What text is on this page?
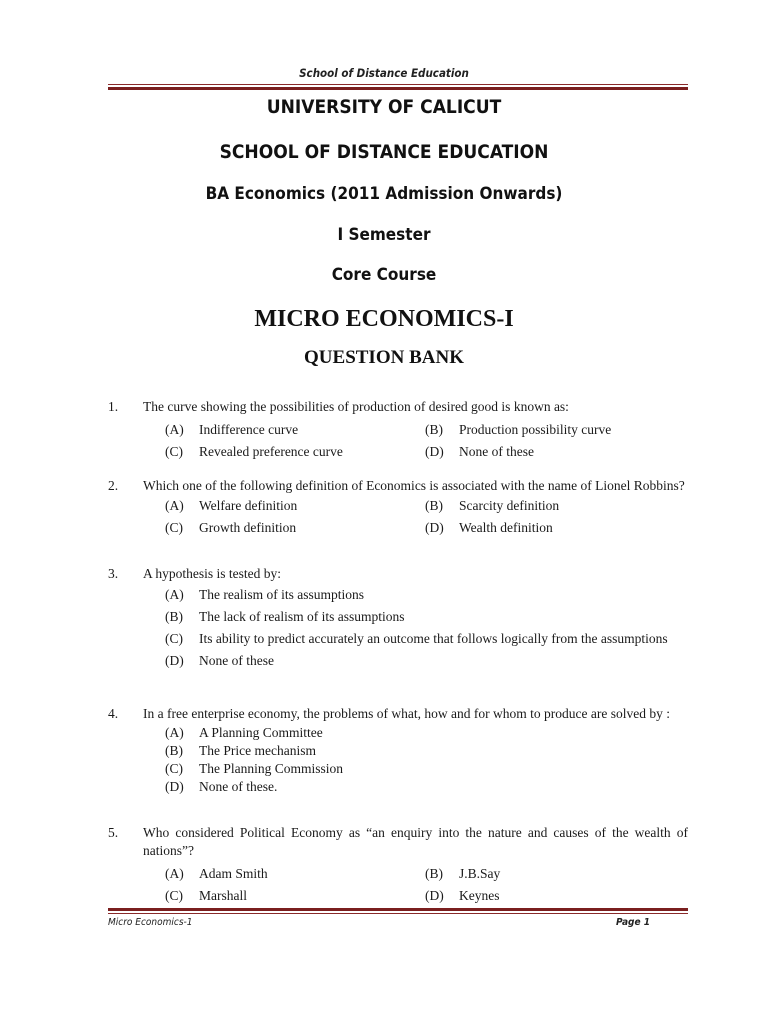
School of Distance Education
UNIVERSITY OF CALICUT
SCHOOL OF DISTANCE EDUCATION
BA Economics (2011 Admission Onwards)
I Semester
Core Course
MICRO ECONOMICS-I
QUESTION BANK
1. The curve showing the possibilities of production of desired good is known as:
(A)	Indifference curve	(B)	Production possibility curve
(C)	Revealed preference curve	(D)	None of these
2. Which one of the following definition of Economics is associated with the name of Lionel Robbins?
(A)	Welfare definition	(B)	Scarcity definition
(C)	Growth definition	(D)	Wealth definition
3. A hypothesis is tested by:
(A)	The realism of its assumptions
(B)	The lack of realism of its assumptions
(C)	Its ability to predict accurately an outcome that follows logically from the assumptions
(D)	None of these
4. In a free enterprise economy, the problems of what, how and for whom to produce are solved by :
(A)	A Planning Committee
(B)	The Price mechanism
(C)	The Planning Commission
(D)	None of these.
5. Who considered Political Economy as “an enquiry into the nature and causes of the wealth of nations”?
(A)	Adam Smith	(B)	J.B.Say
(C)	Marshall	(D)	Keynes
Micro Economics-1	Page 1
